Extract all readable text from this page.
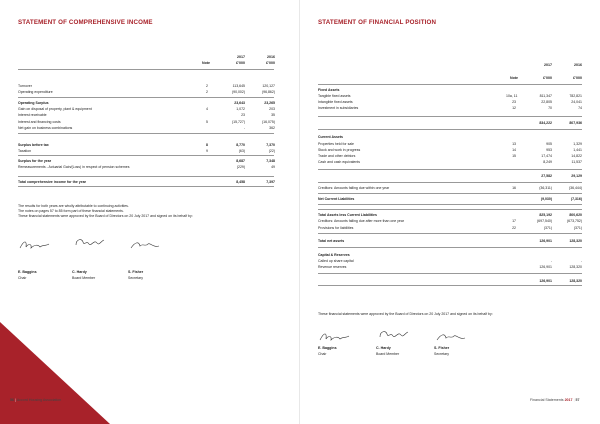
STATEMENT OF COMPREHENSIVE INCOME
Note
2017	2016
£'000	£'000
Turnover	2	113,645	120,127
Operating expenditure	2	(90,002)	(96,862)
Operating Surplus	23,643	23,265
Gain on disposal of property, plant & equipment	4	1,072	203
Interest receivable	23	35
Interest and financing costs	5	(15,727)	(16,075)
Net gain on business combinations	-	362
Surplus before tax	8	8,770	7,370
Taxation	9	(63)	(22)
Surplus for the year	8,687	7,348
Remeasurements - Actuarial Gain/(Loss) in respect of pension schemes	(229)	49
Total comprehensive income for the year	8,458	7,397
The results for both years are wholly attributable to continuing activities.
The notes on pages 57 to 85 form part of these financial statements.
These financial statements were approved by the Board of Directors on 20 July 2017 and signed on its behalf by:
E. Baggins
Chair
C. Hardy
Board Member
S. Fisher
Secretary
56 | Accord Housing Association
STATEMENT OF FINANCIAL POSITION
Note
2017	2016
£'000	£'000
Fixed Assets
Tangible fixed assets	10a, 11	811,347	782,821
Intangible fixed assets	23	22,805	24,041
Investment in subsidiaries	12	70	74
834,222	807,936
Current Assets
Properties held for sale	13	905	1,329
Stock and work in progress	14	953	1,441
Trade and other debtors	15	17,474	14,822
Cash and cash equivalents	8,249	11,537
27,582	29,129
Creditors: Amounts falling due within one year	16	(36,311)	(36,444)
Net Current Liabilities	(9,030)	(7,316)
Total Assets less Current Liabilities	825,192	800,620
Creditors: Amounts falling due after more than one year	17	(697,540)	(673,752)
Provisions for liabilities	22	(371)	(371)
Total net assets	126,901	128,320
Capital & Reserves
Called up share capital	-	-
Revenue reserves	126,901	128,320
126,901	128,320
These financial statements were approved by the Board of Directors on 20 July 2017 and signed on its behalf by:
E. Baggins
Chair
C. Hardy
Board Member
S. Fisher
Secretary
Financial Statements 2017 | 57
